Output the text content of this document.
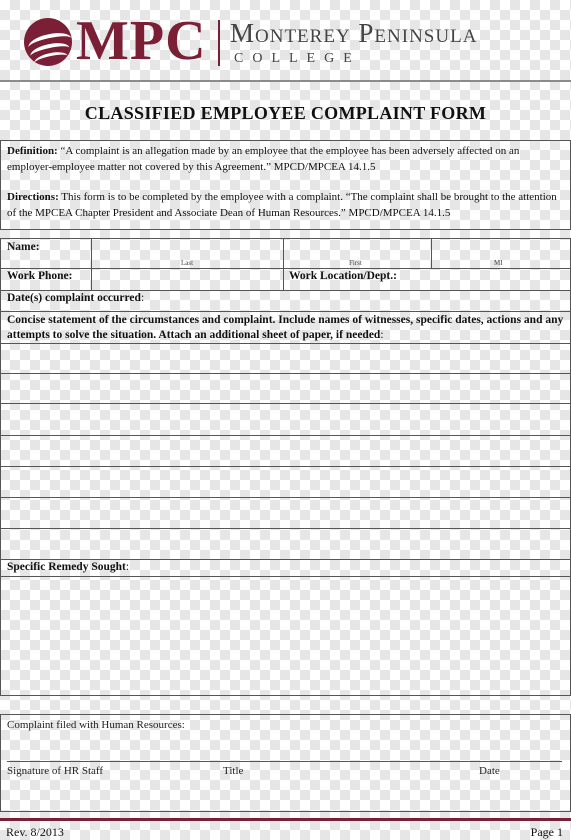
MPC Monterey Peninsula
COLLEGE
CLASSIFIED EMPLOYEE COMPLAINT FORM
Definition: “A complaint is an allegation made by an employee that the employee has been adversely affected on an employer-employee matter not covered by this Agreement.” MPCD/MPCEA 14.1.5
Directions: This form is to be completed by the employee with a complaint. “The complaint shall be brought to the attention of the MPCEA Chapter President and Associate Dean of Human Resources.” MPCD/MPCEA 14.1.5
Name:
Last	First	MI
Work Phone:	Work Location/Dept.:
Date(s) complaint occurred:
Concise statement of the circumstances and complaint. Include names of witnesses, specific dates, actions and any attempts to solve the situation. Attach an additional sheet of paper, if needed:
Specific Remedy Sought:
Complaint filed with Human Resources:
Signature of HR Staff	Title	Date
Rev. 8/2013	Page 1
